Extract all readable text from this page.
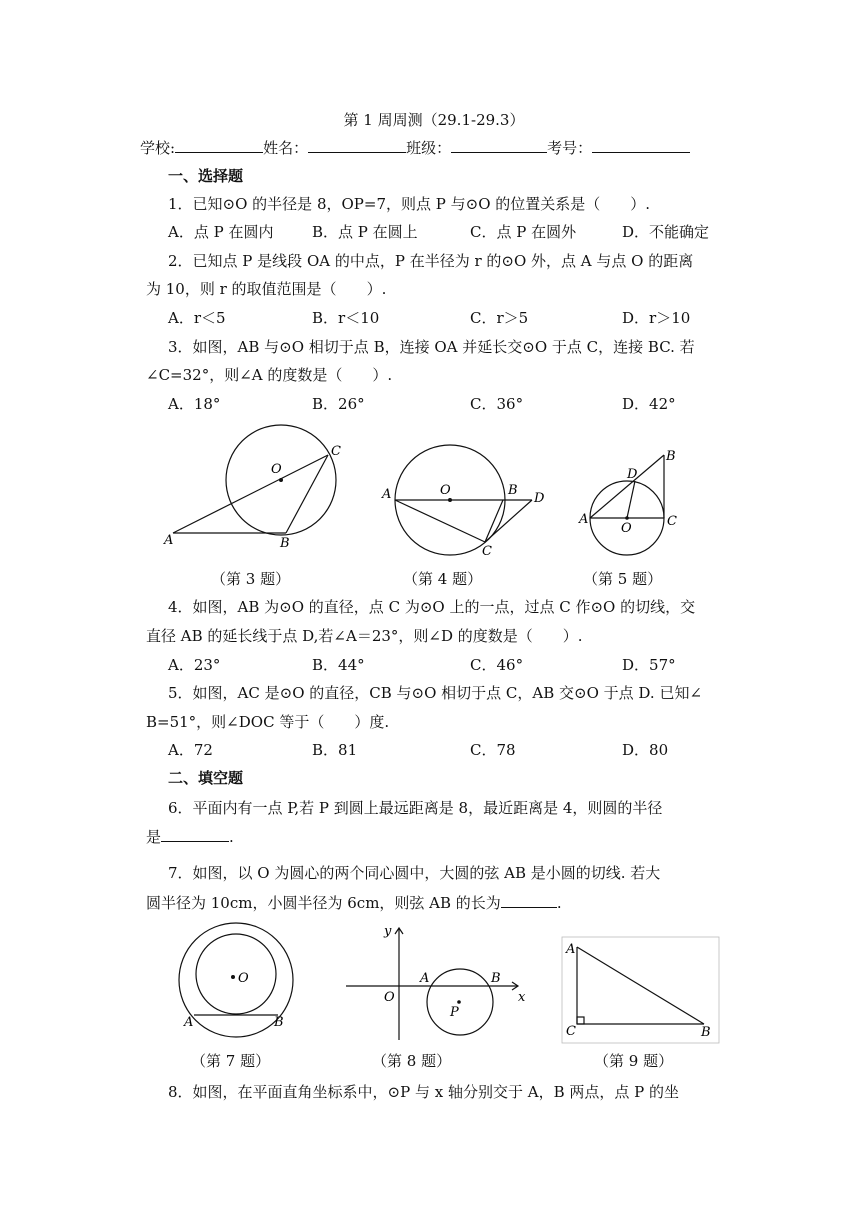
第 1 周周测（29.1-29.3）
学校:	姓名：	班级：	考号：
一、选择题
1．已知⊙O 的半径是 8，OP=7，则点 P 与⊙O 的位置关系是（　　）.
A．点 P 在圆内	B．点 P 在圆上	C．点 P 在圆外	D．不能确定
2．已知点 P 是线段 OA 的中点，P 在半径为 r 的⊙O 外，点 A 与点 O 的距离
为 10，则 r 的取值范围是（　　）.
A．r＜5	B．r＜10	C．r＞5	D．r＞10
3．如图，AB 与⊙O 相切于点 B，连接 OA 并延长交⊙O 于点 C，连接 BC. 若
∠C=32°，则∠A 的度数是（　　）.
A．18°	B．26°	C．36°	D．42°
O
C
A	B
A	O	B
D
C
B
D
A
O	C
（第 3 题）	（第 4 题）	（第 5 题）
4．如图，AB 为⊙O 的直径，点 C 为⊙O 上的一点，过点 C 作⊙O 的切线，交
直径 AB 的延长线于点 D,若∠A＝23°，则∠D 的度数是（　　）.
A．23°	B．44°	C．46°	D．57°
5．如图，AC 是⊙O 的直径，CB 与⊙O 相切于点 C，AB 交⊙O 于点 D. 已知∠
B=51°，则∠DOC 等于（　　）度.
A．72	B．81	C．78	D．80
二、填空题
6．平面内有一点 P,若 P 到圆上最远距离是 8，最近距离是 4，则圆的半径
是	.
7．如图，以 O 为圆心的两个同心圆中，大圆的弦 AB 是小圆的切线. 若大
圆半径为 10cm，小圆半径为 6cm，则弦 AB 的长为	.
O
A	B
y
x
O
A	B
P
A
C	B
（第 7 题）	（第 8 题）	（第 9 题）
8．如图，在平面直角坐标系中，⊙P 与 x 轴分别交于 A，B 两点，点 P 的坐
